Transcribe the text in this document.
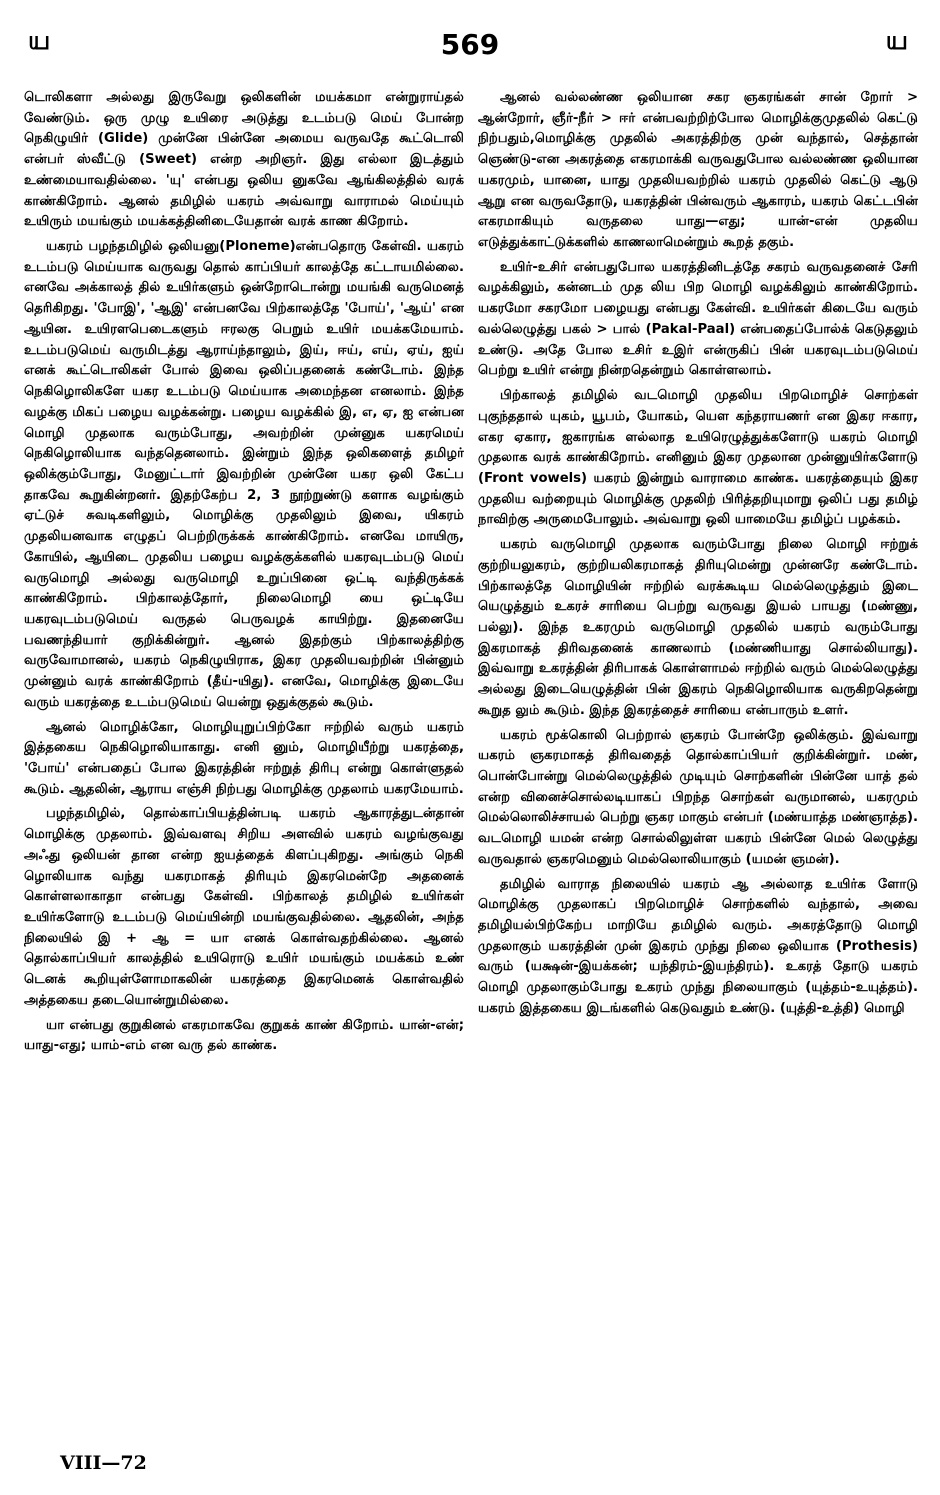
ய	569	ய

டொலிகளா அல்லது இருவேறு ஒலிகளின் மயக்கமா என்றுராய்தல் வேண்டும். ஒரு முழு உயிரை அடுத்து உடம்படு மெய் போன்ற நெகிழுயிர் (Glide) முன்னே பின்னே அமைய வருவதே கூட்டொலி என்பர் ஸ்வீட்டு (Sweet) என்ற அறிஞர். இது எல்லா இடத்தும் உண்மையாவதில்லை. 'யு' என்பது ஒலிய னுகவே ஆங்கிலத்தில் வரக் காண்கிறோம். ஆனல் தமிழில் யகரம் அவ்வாறு வாராமல் மெய்யும் உயிரும் மயங்கும் மயக்கத்தினிடையேதான் வரக் காண கிறோம்.

யகரம் பழந்தமிழில் ஒலியனு(Ploneme)என்பதொரு கேள்வி. யகரம் உடம்படு மெய்யாக வருவது தொல் காப்பியர் காலத்தே கட்டாயமில்லை. எனவே அக்காலத் தில் உயிர்களும் ஒன்றோடொன்று மயங்கி வருமெனத் தெரிகிறது. 'போஇ', 'ஆஇ' என்பனவே பிற்காலத்தே 'போய்', 'ஆய்' என ஆயின. உயிரளபெடைகளும் ஈரலகு பெறும் உயிர் மயக்கமேயாம். உடம்படுமெய் வருமிடத்து ஆராய்ந்தாலும், இய், ஈய், எய், ஏய், ஐய் எனக் கூட்டொலிகள் போல் இவை ஒலிப்பதனைக் கண்டோம். இந்த நெகிழொலிகளே யகர உடம்படு மெய்யாக அமைந்தன எனலாம். இந்த வழக்கு மிகப் பழைய வழக்கன்று. பழைய வழக்கில் இ, எ, ஏ, ஐ என்பன மொழி முதலாக வரும்போது, அவற்றின் முன்னுக யகரமெய் நெகிழொலியாக வந்ததெனலாம். இன்றும் இந்த ஒலிகளைத் தமிழர் ஒலிக்கும்போது, மேனுட்டார் இவற்றின் முன்னே யகர ஒலி கேட்ப தாகவே கூறுகின்றனர். இதற்கேற்ப 2, 3 நூற்றுண்டு களாக வழங்கும் ஏட்டுச் சுவடிகளிலும், மொழிக்கு முதலிலும் இவை, யிகரம் முதலியனவாக எழுதப் பெற்றிருக்கக் காண்கிறோம். எனவே மாயிரு, கோயில், ஆயிடை முதலிய பழைய வழக்குக்களில் யகரவுடம்படு மெய் வருமொழி அல்லது வருமொழி உறுப்பினை ஒட்டி வந்திருக்கக் காண்கிறோம். பிற்காலத்தோர், நிலைமொழி யை ஒட்டியே யகரவுடம்படுமெய் வருதல் பெருவழக் காயிற்று. இதனையே பவணந்தியார் குறிக்கின்றுர். ஆனல் இதற்கும் பிற்காலத்திற்கு வருவோமானல், யகரம் நெகிழுயிராக, இகர முதலியவற்றின் பின்னும் முன்னும் வரக் காண்கிறோம் (தீய்-யிது). எனவே, மொழிக்கு இடையே வரும் யகரத்தை உடம்படுமெய் யென்று ஒதுக்குதல் கூடும்.

ஆனல் மொழிக்கோ, மொழியுறுப்பிற்கோ ஈற்றில் வரும் யகரம் இத்தகைய நெகிழொலியாகாது. எனி னும், மொழியீற்று யகரத்தை, 'போய்' என்பதைப் போல இகரத்தின் ஈற்றுத் திரிபு என்று கொள்ளுதல் கூடும். ஆதலின், ஆராய எஞ்சி நிற்பது மொழிக்கு முதலாம் யகரமேயாம்.

பழந்தமிழில், தொல்காப்பியத்தின்படி யகரம் ஆகாரத்துடன்தான் மொழிக்கு முதலாம். இவ்வளவு சிறிய அளவில் யகரம் வழங்குவது அஃது ஒலியன் தான என்ற ஐயத்தைக் கிளப்புகிறது. அங்கும் நெகி ழொலியாக வந்து யகரமாகத் திரியும் இகரமென்றே அதனைக் கொள்ளலாகாதா என்பது கேள்வி. பிற்காலத் தமிழில் உயிர்கள் உயிர்களோடு உடம்படு மெய்யின்றி மயங்குவதில்லை. ஆதலின், அந்த நிலையில் இ + ஆ = யா எனக் கொள்வதற்கில்லை. ஆனல் தொல்காப்பியர் காலத்தில் உயிரொடு உயிர் மயங்கும் மயக்கம் உண் டெனக் கூறியுள்ளோமாகலின் யகரத்தை இகரமெனக் கொள்வதில் அத்தகைய தடையொன்றுமில்லை.

யா என்பது குறுகினல் எகரமாகவே குறுகக் காண் கிறோம். யான்-என்; யாது-எது; யாம்-எம் என வரு தல் காண்க.

ஆனல் வல்லண்ண ஒலியான சகர ஞகரங்கள் சான் றோர் > ஆன்றோர், ஞீர்-நீர் > ஈர் என்பவற்றிற்போல மொழிக்குமுதலில் கெட்டு நிற்பதும்,மொழிக்கு முதலில் அகரத்திற்கு முன் வந்தால், செத்தான் ஞெண்டு-என அகரத்தை எகரமாக்கி வருவதுபோல வல்லண்ண ஒலியான யகரமும், யானை, யாது முதலியவற்றில் யகரம் முதலில் கெட்டு ஆடு ஆறு என வருவதோடு, யகரத்தின் பின்வரும் ஆகாரம், யகரம் கெட்டபின் எகரமாகியும் வருதலை யாது—எது; யான்-என் முதலிய எடுத்துக்காட்டுக்களில் காணலாமென்றும் கூறத் தகும்.

உயிர்-உசிர் என்பதுபோல யகரத்தினிடத்தே சகரம் வருவதனைச் சேரி வழக்கிலும், கன்னடம் முத லிய பிற மொழி வழக்கிலும் காண்கிறோம். யகரமோ சகரமோ பழையது என்பது கேள்வி. உயிர்கள் கிடையே வரும் வல்லெழுத்து பகல் > பால் (Pakal-Paal) என்பதைப்போல்க் கெடுதலும் உண்டு. அதே போல உசிர் உஇர் என்ருகிப் பின் யகரவுடம்படுமெய் பெற்று உயிர் என்று நின்றதென்றும் கொள்ளலாம்.

பிற்காலத் தமிழில் வடமொழி முதலிய பிறமொழிச் சொற்கள் புகுந்ததால் யுகம், யூபம், யோகம், யௌ கந்தராயணர் என இகர ஈகார, எகர ஏகார, ஐகாரங்க ளல்லாத உயிரெழுத்துக்களோடு யகரம் மொழி முதலாக வரக் காண்கிறோம். எனினும் இகர முதலான முன்னுயிர்களோடு (Front vowels) யகரம் இன்றும் வாராமை காண்க. யகரத்தையும் இகர முதலிய வற்றையும் மொழிக்கு முதலிற் பிரித்தறியுமாறு ஒலிப் பது தமிழ் நாவிற்கு அருமைபோலும். அவ்வாறு ஒலி யாமையே தமிழ்ப் பழக்கம்.

யகரம் வருமொழி முதலாக வரும்போது நிலை மொழி ஈற்றுக் குற்றியலுகரம், குற்றியலிகரமாகத் திரியுமென்று முன்னரே கண்டோம். பிற்காலத்தே மொழியின் ஈற்றில் வரக்கூடிய மெல்லெழுத்தும் இடை யெழுத்தும் உகரச் சாரியை பெற்று வருவது இயல் பாயது (மண்ணு, பல்லு). இந்த உகரமும் வருமொழி முதலில் யகரம் வரும்போது இகரமாகத் திரிவதனைக் காணலாம் (மண்ணியாது சொல்லியாது). இவ்வாறு உகரத்தின் திரிபாகக் கொள்ளாமல் ஈற்றில் வரும் மெல்லெழுத்து அல்லது இடையெழுத்தின் பின் இகரம் நெகிழொலியாக வருகிறதென்று கூறுத லும் கூடும். இந்த இகரத்தைச் சாரியை என்பாரும் உளர்.

யகரம் மூக்கொலி பெற்றால் ஞகரம் போன்றே ஒலிக்கும். இவ்வாறு யகரம் ஞகரமாகத் திரிவதைத் தொல்காப்பியர் குறிக்கின்றுர். மண், பொன்போன்று மெல்லெழுத்தில் முடியும் சொற்களின் பின்னே யாத் தல் என்ற வினைச்சொல்லடியாகப் பிறந்த சொற்கள் வருமானல், யகரமும் மெல்லொலிச்சாயல் பெற்று ஞகர மாகும் என்பர் (மண்யாத்த மண்ஞாத்த). வடமொழி யமன் என்ற சொல்லிலுள்ள யகரம் பின்னே மெல் லெழுத்து வருவதால் ஞகரமெனும் மெல்லொலியாகும் (யமன் ஞமன்).

தமிழில் வாராத நிலையில் யகரம் ஆ அல்லாத உயிர்க ளோடு மொழிக்கு முதலாகப் பிறமொழிச் சொற்களில் வந்தால், அவை தமிழியல்பிற்கேற்ப மாறியே தமிழில் வரும். அகரத்தோடு மொழி முதலாகும் யகரத்தின் முன் இகரம் முந்து நிலை ஒலியாக (Prothesis) வரும் (யக்ஷன்-இயக்கன்; யந்திரம்-இயந்திரம்). உகரத் தோடு யகரம் மொழி முதலாகும்போது உகரம் முந்து நிலையாகும் (யுத்தம்-உயுத்தம்). யகரம் இத்தகைய இடங்களில் கெடுவதும் உண்டு. (யுத்தி-உத்தி) மொழி

VIII—72
